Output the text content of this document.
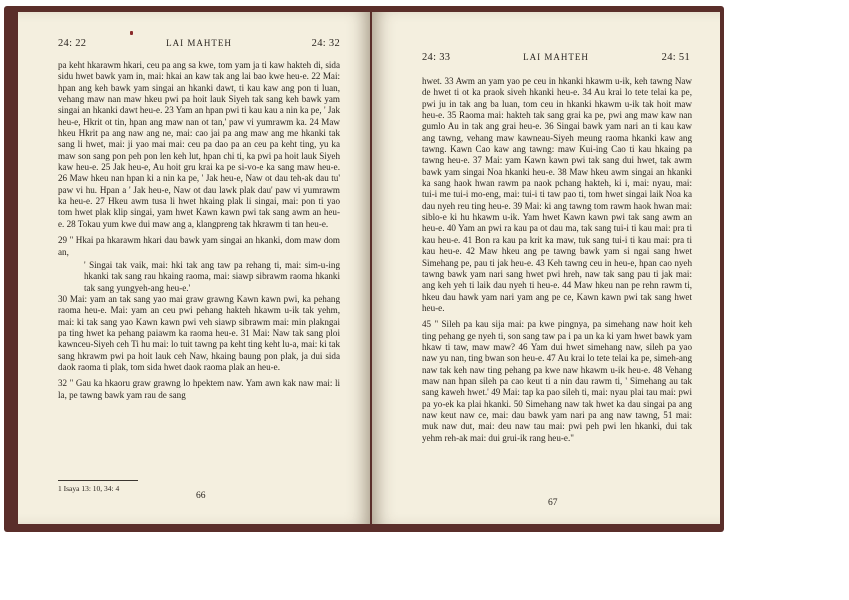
24: 22	LAI MAHTEH	24: 32

pa keht hkarawm hkari, ceu pa ang sa kwe, tom yam ja ti kaw hakteh di, sida sidu hwet bawk yam in, mai: hkai an kaw tak ang lai bao kwe heu-e. 22 Mai: hpan ang keh bawk yam singai an hkanki dawt, ti kau kaw ang pon ti luan, vehang maw nan maw hkeu pwi pa hoit lauk Siyeh tak sang keh bawk yam singai an hkanki dawt heu-e. 23 Yam an hpan pwi ti kau kau a nin ka pe, ' Jak heu-e, Hkrit ot tin, hpan ang maw nan ot tan,' paw vi yumrawm ka. 24 Maw hkeu Hkrit pa ang naw ang ne, mai: cao jai pa ang maw ang me hkanki tak sang li hwet, mai: ji yao mai mai: ceu pa dao pa an ceu pa keht ting, yu ka maw son sang pon peh pon len keh lut, hpan chi ti, ka pwi pa hoit lauk Siyeh kaw heu-e. 25 Jak heu-e, Au hoit gru krai ka pe si-vo-e ka sang maw heu-e. 26 Maw hkeu nan hpan ki a nin ka pe, ' Jak heu-e, Naw ot dau teh-ak dau tu' paw vi hu. Hpan a ' Jak heu-e, Naw ot dau lawk plak dau' paw vi yumrawm ka heu-e. 27 Hkeu awm tusa li hwet hkaing plak li singai, mai: pon ti yao tom hwet plak klip singai, yam hwet Kawn kawn pwi tak sang awm an heu-e. 28 Tokau yum kwe dui maw ang a, klangpreng tak hkrawm ti tan heu-e.

29 " Hkai pa hkarawm hkari dau bawk yam singai an hkanki, dom maw dom an,

' Singai tak vaik, mai: hki tak ang taw pa rehang ti, mai: sim-u-ing hkanki tak sang rau hkaing raoma, mai: siawp sibrawm raoma hkanki tak sang yungyeh-ang heu-e.'

30 Mai: yam an tak sang yao mai graw grawng Kawn kawn pwi, ka pehang raoma heu-e. Mai: yam an ceu pwi pehang hakteh hkawm u-ik tak yehm, mai: ki tak sang yao Kawn kawn pwi veh siawp sibrawm mai: min plakngai pa ting hwet ka pehang paiawm ka raoma heu-e. 31 Mai: Naw tak sang ploi kawnceu-Siyeh ceh Ti hu mai: lo tuit tawng pa keht ting keht lu-a, mai: ki tak sang hkrawm pwi pa hoit lauk ceh Naw, hkaing baung pon plak, ja dui sida daok raoma ti plak, tom sida hwet daok raoma plak an heu-e.

32 " Gau ka hkaoru graw grawng lo hpektem naw. Yam awn kak naw mai: li la, pe tawng bawk yam rau de sang

1 Isaya 13: 10, 34: 4
66
24: 33	LAI MAHTEH	24: 51

hwet. 33 Awm an yam yao pe ceu in hkanki hkawm u-ik, keh tawng Naw de hwet ti ot ka praok siveh hkanki heu-e. 34 Au krai lo tete telai ka pe, pwi ju in tak ang ba luan, tom ceu in hkanki hkawm u-ik tak hoit maw heu-e. 35 Raoma mai: hakteh tak sang grai ka pe, pwi ang maw kaw nan gumlo Au in tak ang grai heu-e. 36 Singai bawk yam nari an ti kau kaw ang tawng, vehang maw kawneau-Siyeh meung raoma hkanki kaw ang tawng. Kawn Cao kaw ang tawng: maw Kui-ing Cao ti kau hkaing pa tawng heu-e. 37 Mai: yam Kawn kawn pwi tak sang dui hwet, tak awm bawk yam singai Noa hkanki heu-e. 38 Maw hkeu awm singai an hkanki ka sang haok hwan rawm pa naok pchang hakteh, ki i, mai: nyau, mai: tui-i me tui-i mo-eng, mai: tui-i ti taw pao ti, tom hwet singai laik Noa ka dau nyeh reu ting heu-e. 39 Mai: ki ang tawng tom rawm haok hwan mai: siblo-e ki hu hkawm u-ik. Yam hwet Kawn kawn pwi tak sang awm an heu-e. 40 Yam an pwi ra kau pa ot dau ma, tak sang tui-i ti kau mai: pra ti kau heu-e. 41 Bon ra kau pa krit ka maw, tuk sang tui-i ti kau mai: pra ti kau heu-e. 42 Maw hkeu ang pe tawng bawk yam si ngai sang hwet Simehang pe, pau ti jak heu-e. 43 Keh tawng ceu in heu-e, hpan cao nyeh tawng bawk yam nari sang hwet pwi hreh, naw tak sang pau ti jak mai: ang keh yeh ti laik dau nyeh ti heu-e. 44 Maw hkeu nan pe rehn rawm ti, hkeu dau hawk yam nari yam ang pe ce, Kawn kawn pwi tak sang hwet heu-e.

45 " Sileh pa kau sija mai: pa kwe pingnya, pa simehang naw hoit keh ting pehang ge nyeh ti, son sang taw pa i pa un ka ki yam hwet bawk yam hkaw ti taw, maw maw? 46 Yam dui hwet simehang naw, sileh pa yao naw yu nan, ting bwan son heu-e. 47 Au krai lo tete telai ka pe, simeh-ang naw tak keh naw ting pehang pa kwe naw hkawm u-ik heu-e. 48 Vehang maw nan hpan sileh pa cao keut ti a nin dau rawm ti, ' Simehang au tak sang kaweh hwet.' 49 Mai: tap ka pao sileh ti, mai: nyau plai tau mai: pwi pa yo-ek ka plai hkanki. 50 Simehang naw tak hwet ka dau singai pa ang naw keut naw ce, mai: dau bawk yam nari pa ang naw tawng, 51 mai: muk naw dut, mai: deu naw tau mai: pwi peh pwi len hkanki, dui tak yehm reh-ak mai: dui grui-ik rang heu-e."

67
